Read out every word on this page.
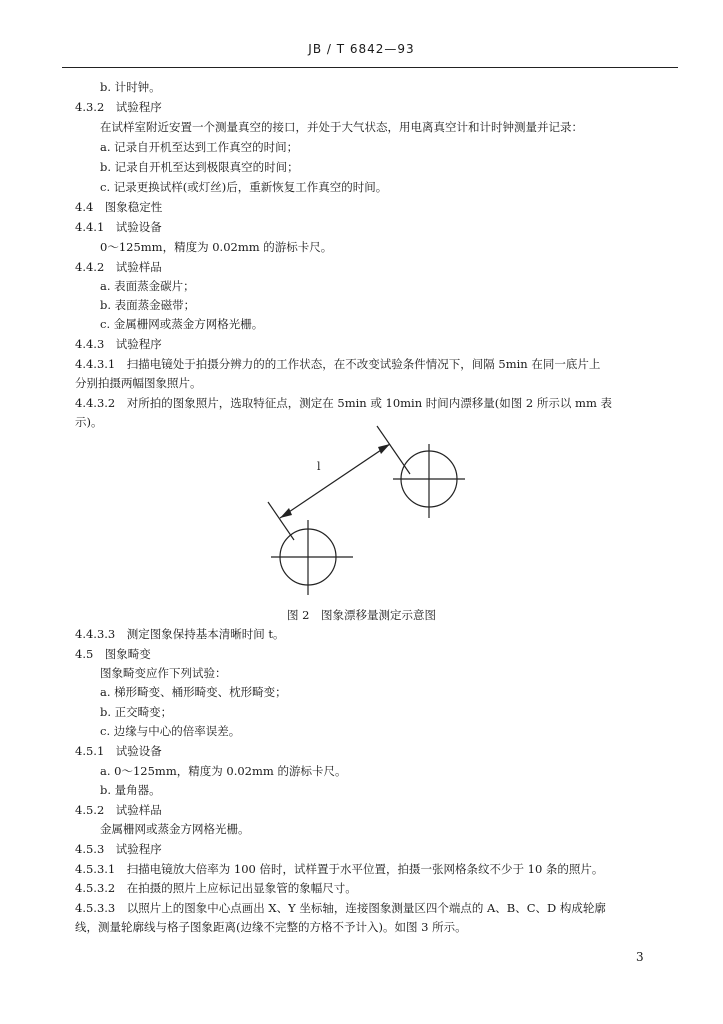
JB / T 6842—93
b. 计时钟。
4.3.2　试验程序
在试样室附近安置一个测量真空的接口，并处于大气状态，用电离真空计和计时钟测量并记录：
a. 记录自开机至达到工作真空的时间；
b. 记录自开机至达到极限真空的时间；
c. 记录更换试样(或灯丝)后，重新恢复工作真空的时间。
4.4　图象稳定性
4.4.1　试验设备
0～125mm，精度为 0.02mm 的游标卡尺。
4.4.2　试验样品
a. 表面蒸金碳片；
b. 表面蒸金磁带；
c. 金属栅网或蒸金方网格光栅。
4.4.3　试验程序
4.4.3.1　扫描电镜处于拍摄分辨力的的工作状态，在不改变试验条件情况下，间隔 5min 在同一底片上
分别拍摄两幅图象照片。
4.4.3.2　对所拍的图象照片，选取特征点，测定在 5min 或 10min 时间内漂移量(如图 2 所示以 mm 表
示)。
l
图 2　图象漂移量测定示意图
4.4.3.3　测定图象保持基本清晰时间 t。
4.5　图象畸变
图象畸变应作下列试验：
a. 梯形畸变、桶形畸变、枕形畸变；
b. 正交畸变；
c. 边缘与中心的倍率误差。
4.5.1　试验设备
a. 0～125mm，精度为 0.02mm 的游标卡尺。
b. 量角器。
4.5.2　试验样品
金属栅网或蒸金方网格光栅。
4.5.3　试验程序
4.5.3.1　扫描电镜放大倍率为 100 倍时，试样置于水平位置，拍摄一张网格条纹不少于 10 条的照片。
4.5.3.2　在拍摄的照片上应标记出显象管的象幅尺寸。
4.5.3.3　以照片上的图象中心点画出 X、Y 坐标轴，连接图象测量区四个端点的 A、B、C、D 构成轮廓
线，测量轮廓线与格子图象距离(边缘不完整的方格不予计入)。如图 3 所示。
3
